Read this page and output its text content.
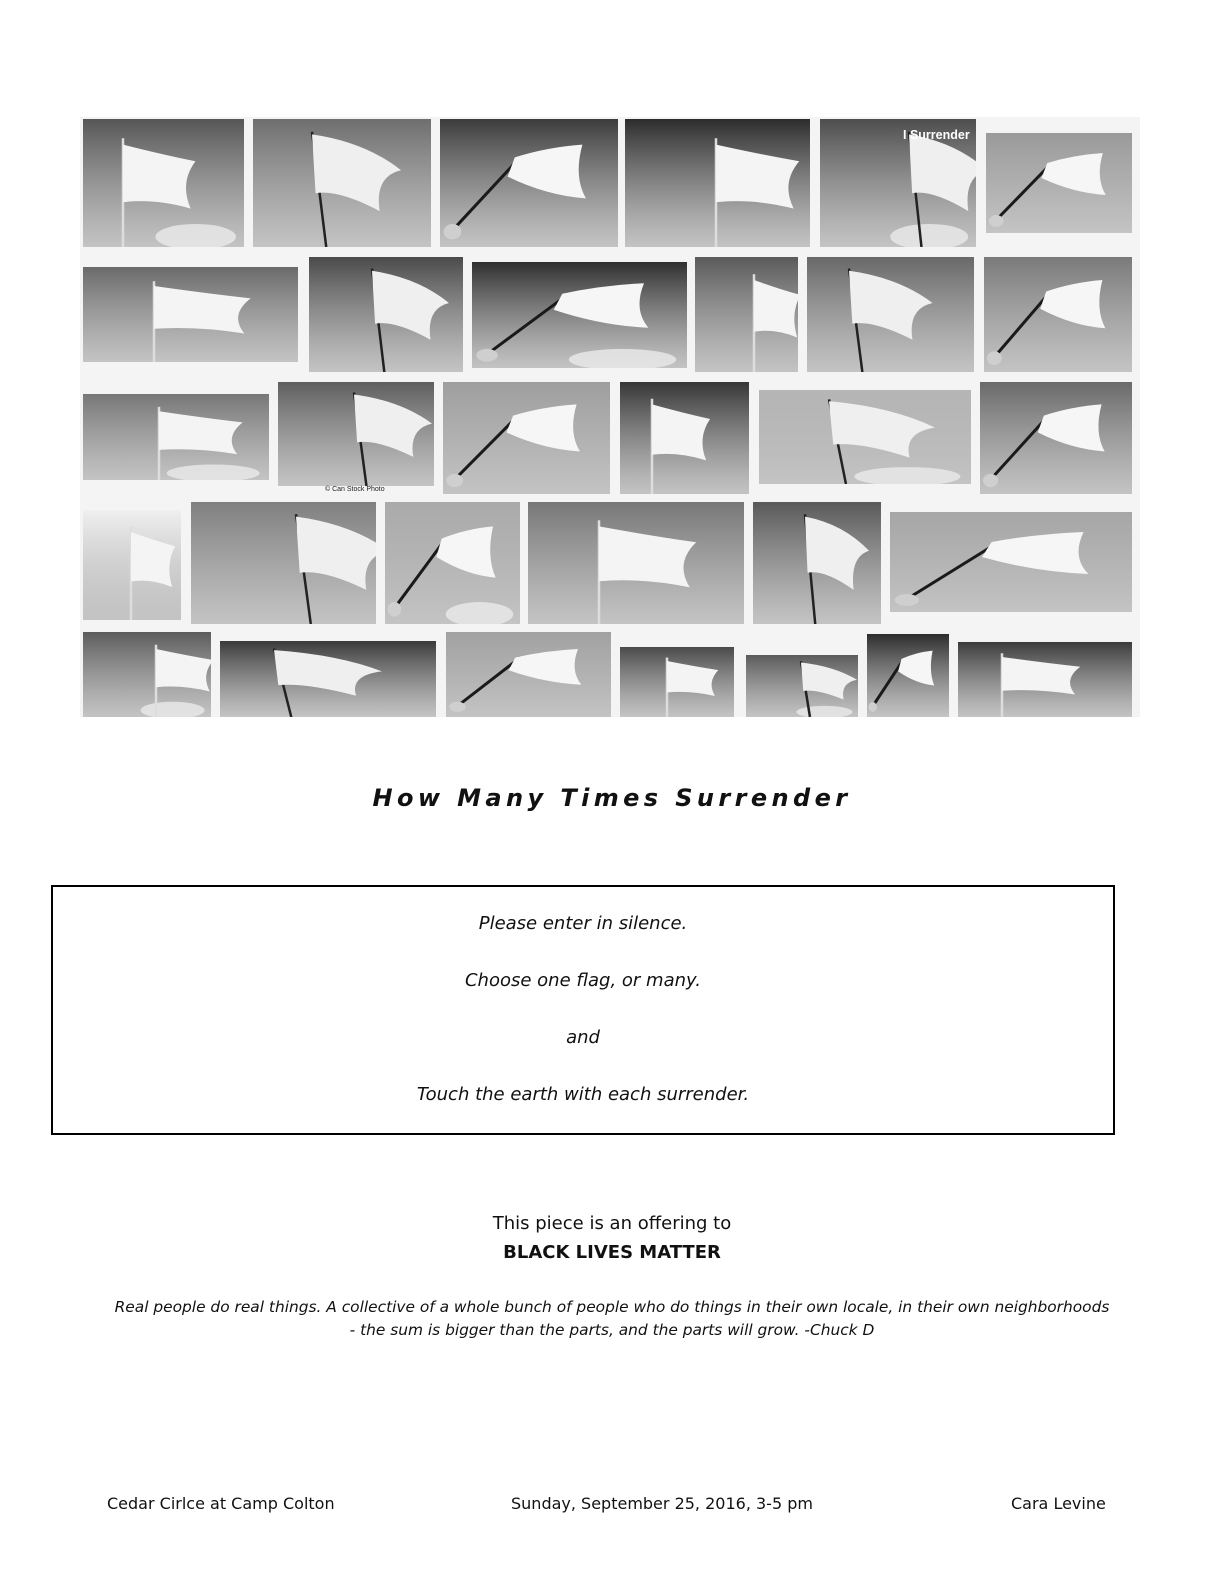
I Surrender
© Can Stock Photo
How Many Times Surrender

Please enter in silence.

Choose one flag, or many.

and

Touch the earth with each surrender.

This piece is an offering to
BLACK LIVES MATTER
Real people do real things. A collective of a whole bunch of people who do things in their own locale, in their own neighborhoods
- the sum is bigger than the parts, and the parts will grow. -Chuck D
Cedar Cirlce at Camp Colton	Sunday, September 25, 2016, 3-5 pm	Cara Levine
